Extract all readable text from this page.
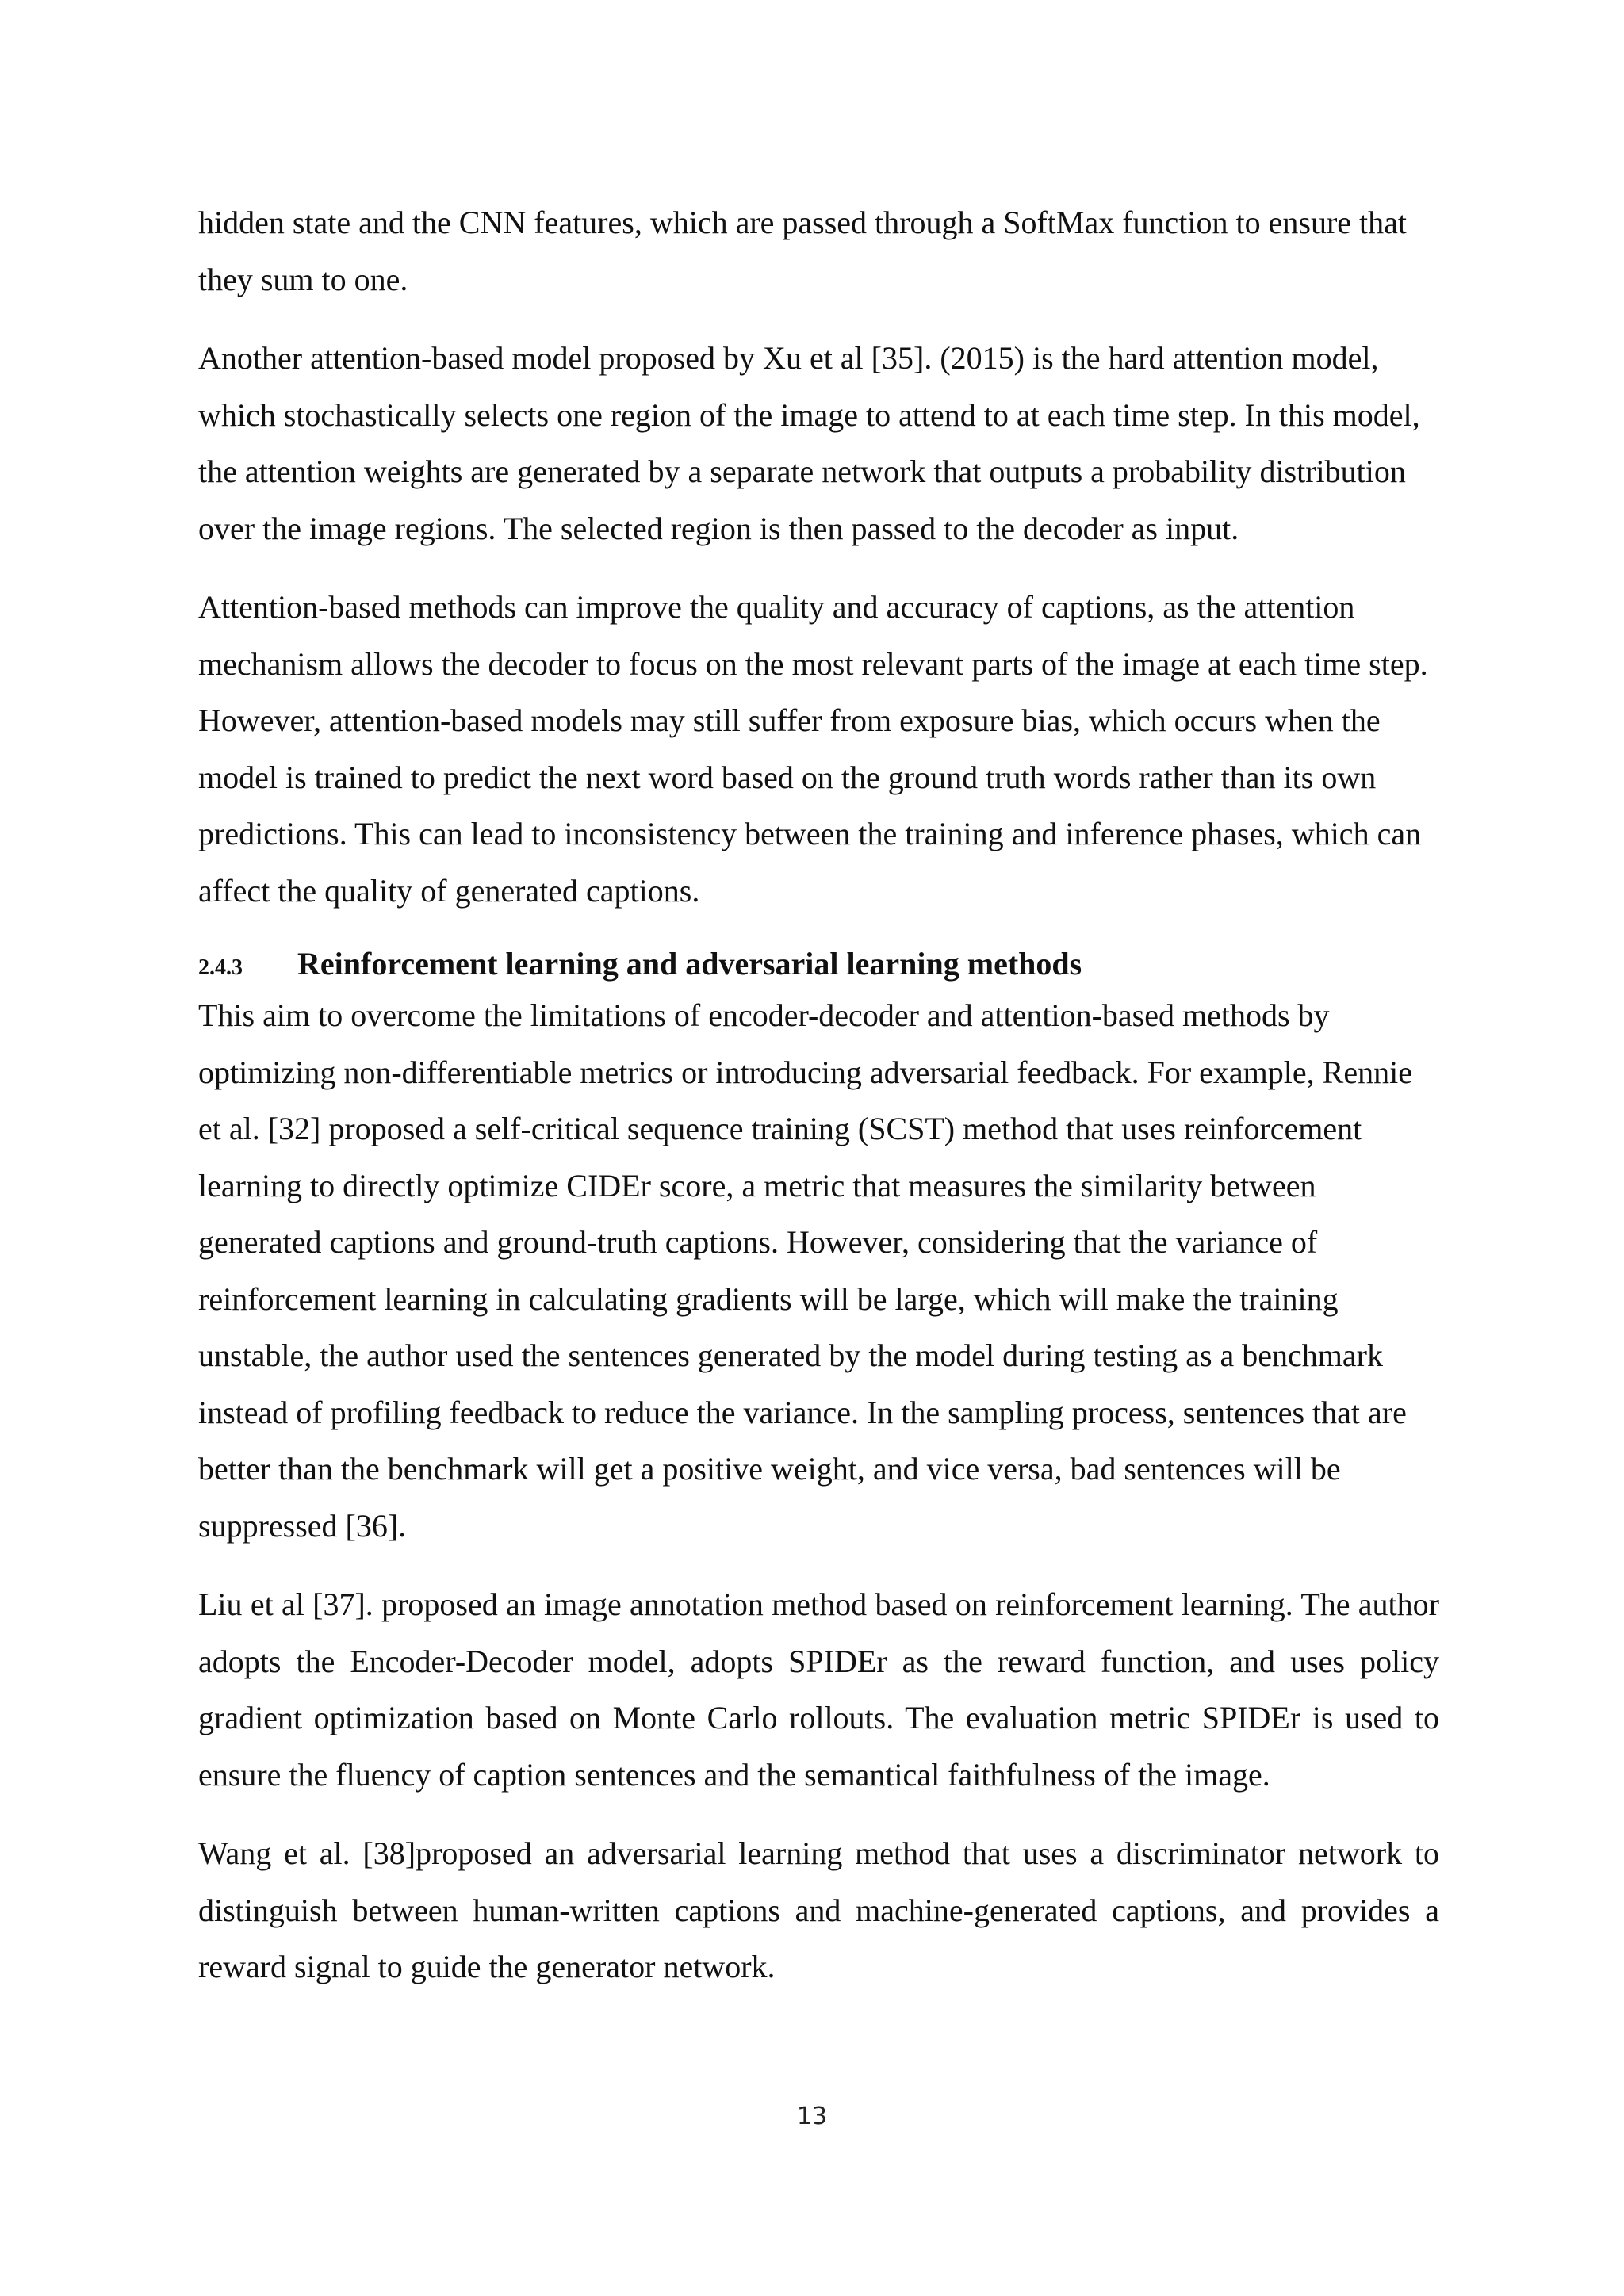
hidden state and the CNN features, which are passed through a SoftMax function to ensure that they sum to one.

Another attention-based model proposed by Xu et al [35]. (2015) is the hard attention model, which stochastically selects one region of the image to attend to at each time step. In this model, the attention weights are generated by a separate network that outputs a probability distribution over the image regions. The selected region is then passed to the decoder as input.

Attention-based methods can improve the quality and accuracy of captions, as the attention mechanism allows the decoder to focus on the most relevant parts of the image at each time step. However, attention-based models may still suffer from exposure bias, which occurs when the model is trained to predict the next word based on the ground truth words rather than its own predictions. This can lead to inconsistency between the training and inference phases, which can affect the quality of generated captions.

2.4.3	Reinforcement learning and adversarial learning methods

This aim to overcome the limitations of encoder-decoder and attention-based methods by optimizing non-differentiable metrics or introducing adversarial feedback. For example, Rennie et al. [32] proposed a self-critical sequence training (SCST) method that uses reinforcement learning to directly optimize CIDEr score, a metric that measures the similarity between generated captions and ground-truth captions. However, considering that the variance of reinforcement learning in calculating gradients will be large, which will make the training unstable, the author used the sentences generated by the model during testing as a benchmark instead of profiling feedback to reduce the variance. In the sampling process, sentences that are better than the benchmark will get a positive weight, and vice versa, bad sentences will be suppressed [36].

Liu et al [37]. proposed an image annotation method based on reinforcement learning. The author adopts the Encoder-Decoder model, adopts SPIDEr as the reward function, and uses policy gradient optimization based on Monte Carlo rollouts. The evaluation metric SPIDEr is used to ensure the fluency of caption sentences and the semantical faithfulness of the image.

Wang et al. [38]proposed an adversarial learning method that uses a discriminator network to distinguish between human-written captions and machine-generated captions, and provides a reward signal to guide the generator network.

13
